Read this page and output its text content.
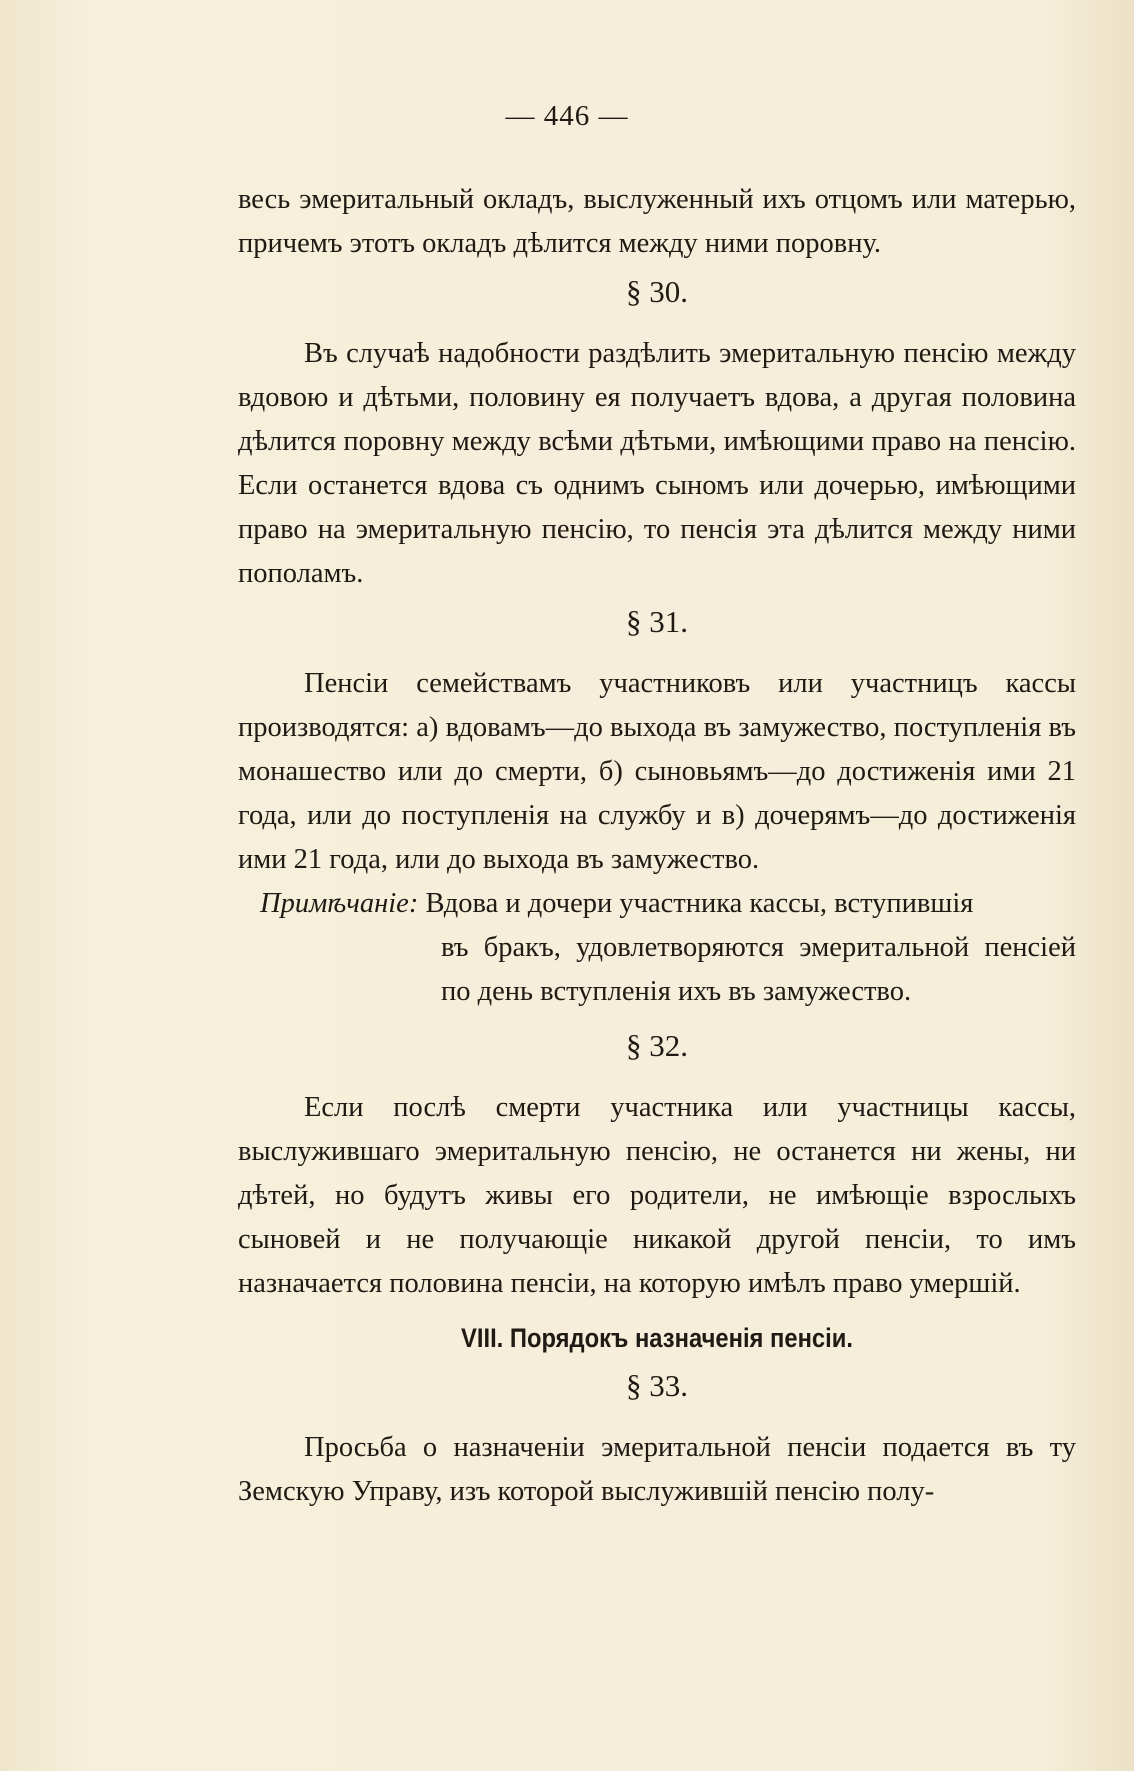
— 446 —

весь эмеритальный окладъ, выслуженный ихъ отцомъ или матерью, причемъ этотъ окладъ дѣлится между ними поровну.

§ 30.

Въ случаѣ надобности раздѣлить эмеритальную пенсiю между вдовою и дѣтьми, половину ея получаетъ вдова, а другая половина дѣлится поровну между всѣми дѣтьми, имѣющими право на пенсiю. Если останется вдова съ однимъ сыномъ или дочерью, имѣющими право на эмеритальную пенсiю, то пенсiя эта дѣлится между ними пополамъ.

§ 31.

Пенсiи семействамъ участниковъ или участницъ кассы производятся: а) вдовамъ—до выхода въ замужество, поступленiя въ монашество или до смерти, б) сыновьямъ—до достиженiя ими 21 года, или до поступленiя на службу и в) дочерямъ—до достиженiя ими 21 года, или до выхода въ замужество.

Примѣчанiе: Вдова и дочери участника кассы, вступившiя

въ бракъ, удовлетворяются эмеритальной пенсiей по день вступленiя ихъ въ замужество.

§ 32.

Если послѣ смерти участника или участницы кассы, выслужившаго эмеритальную пенсiю, не останется ни жены, ни дѣтей, но будутъ живы его родители, не имѣющiе взрослыхъ сыновей и не получающiе никакой другой пенсiи, то имъ назначается половина пенсiи, на которую имѣлъ право умершiй.

VIII. Порядокъ назначенiя пенсiи.
§ 33.

Просьба о назначенiи эмеритальной пенсiи подается въ ту Земскую Управу, изъ которой выслужившiй пенсiю полу-
